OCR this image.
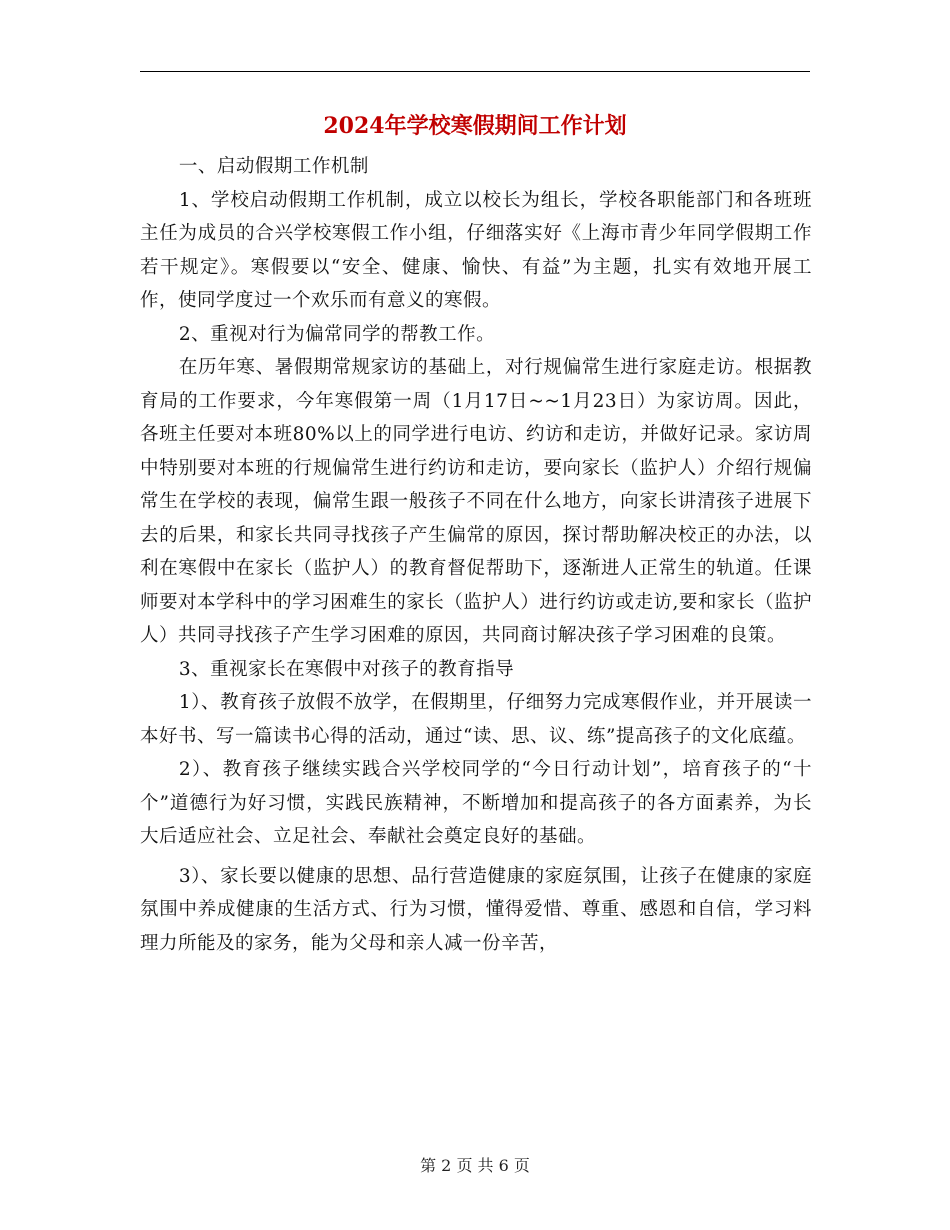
2024年学校寒假期间工作计划

一、启动假期工作机制

1、学校启动假期工作机制，成立以校长为组长，学校各职能部门和各班班主任为成员的合兴学校寒假工作小组，仔细落实好《上海市青少年同学假期工作若干规定》。寒假要以“安全、健康、愉快、有益”为主题，扎实有效地开展工作，使同学度过一个欢乐而有意义的寒假。

2、重视对行为偏常同学的帮教工作。

在历年寒、暑假期常规家访的基础上，对行规偏常生进行家庭走访。根据教育局的工作要求，今年寒假第一周（1月17日~~1月23日）为家访周。因此，各班主任要对本班80%以上的同学进行电访、约访和走访，并做好记录。家访周中特别要对本班的行规偏常生进行约访和走访，要向家长（监护人）介绍行规偏常生在学校的表现，偏常生跟一般孩子不同在什么地方，向家长讲清孩子进展下去的后果，和家长共同寻找孩子产生偏常的原因，探讨帮助解决校正的办法，以利在寒假中在家长（监护人）的教育督促帮助下，逐渐进人正常生的轨道。任课师要对本学科中的学习困难生的家长（监护人）进行约访或走访,要和家长（监护人）共同寻找孩子产生学习困难的原因，共同商讨解决孩子学习困难的良策。

3、重视家长在寒假中对孩子的教育指导

1）、教育孩子放假不放学，在假期里，仔细努力完成寒假作业，并开展读一本好书、写一篇读书心得的活动，通过“读、思、议、练”提高孩子的文化底蕴。

2）、教育孩子继续实践合兴学校同学的“今日行动计划”，培育孩子的“十个”道德行为好习惯，实践民族精神，不断增加和提高孩子的各方面素养，为长大后适应社会、立足社会、奉献社会奠定良好的基础。

3）、家长要以健康的思想、品行营造健康的家庭氛围，让孩子在健康的家庭氛围中养成健康的生活方式、行为习惯，懂得爱惜、尊重、感恩和自信，学习料理力所能及的家务，能为父母和亲人减一份辛苦，

第 2 页 共 6 页
